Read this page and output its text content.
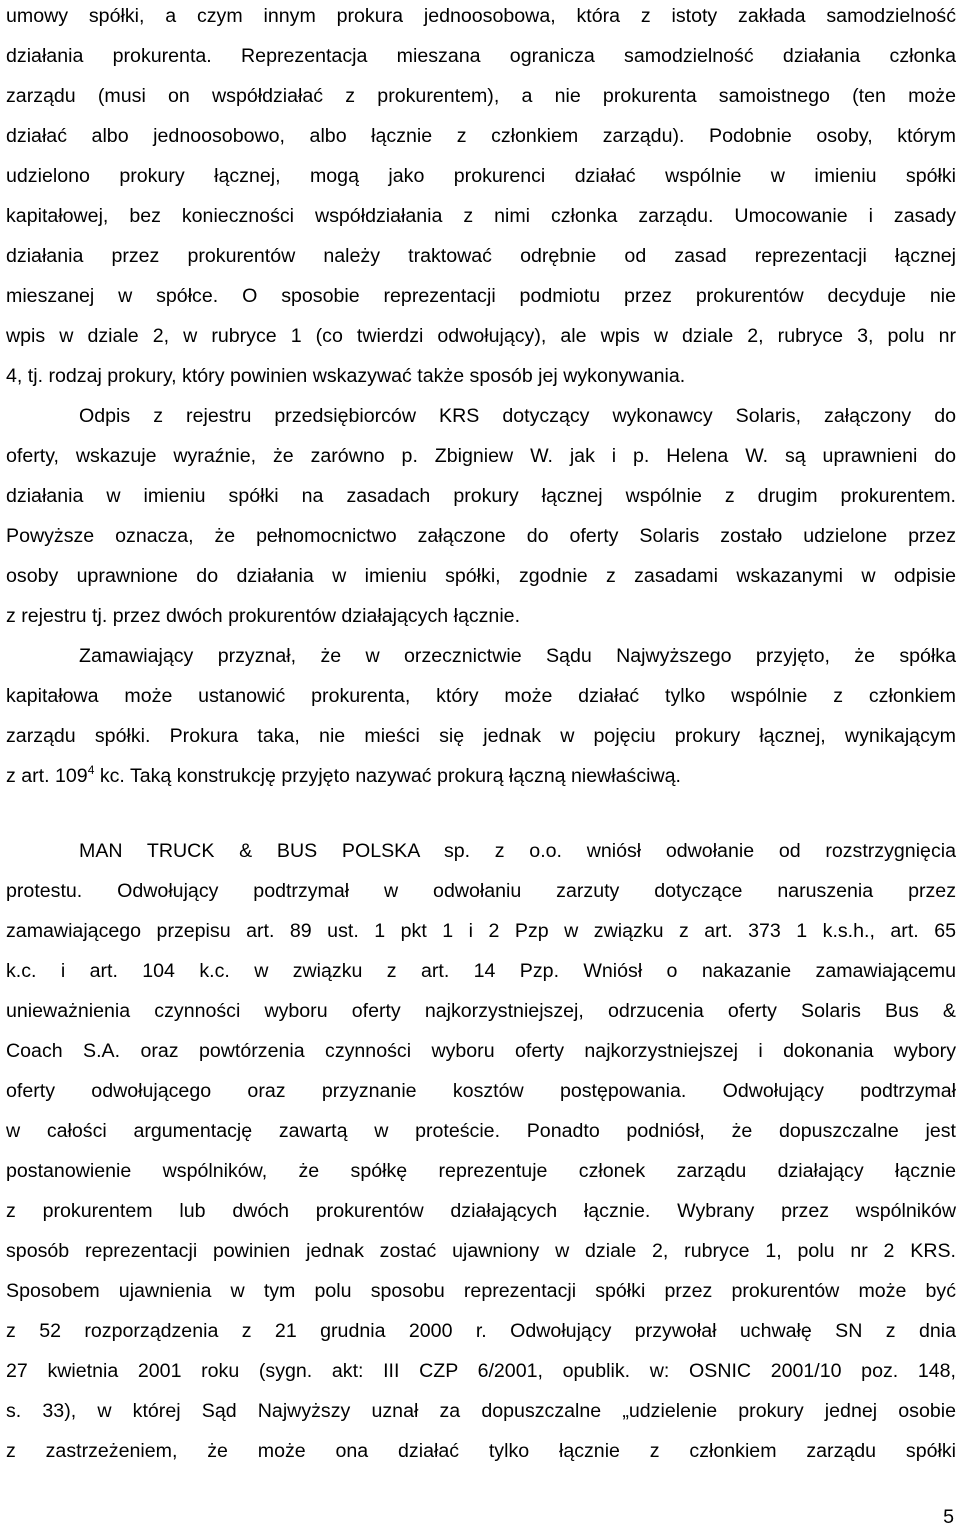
umowy spółki, a czym innym prokura jednoosobowa, która z istoty zakłada samodzielność
działania prokurenta. Reprezentacja mieszana ogranicza samodzielność działania członka
zarządu (musi on współdziałać z prokurentem), a nie prokurenta samoistnego (ten może
działać albo jednoosobowo, albo łącznie z członkiem zarządu). Podobnie osoby, którym
udzielono prokury łącznej, mogą jako prokurenci działać wspólnie w imieniu spółki
kapitałowej, bez konieczności współdziałania z nimi członka zarządu. Umocowanie i zasady
działania przez prokurentów należy traktować odrębnie od zasad reprezentacji łącznej
mieszanej w spółce. O sposobie reprezentacji podmiotu przez prokurentów decyduje nie
wpis w dziale 2, w rubryce 1 (co twierdzi odwołujący), ale wpis w dziale 2, rubryce 3, polu nr
4, tj. rodzaj prokury, który powinien wskazywać także sposób jej wykonywania.
Odpis z rejestru przedsiębiorców KRS dotyczący wykonawcy Solaris, załączony do
oferty, wskazuje wyraźnie, że zarówno p. Zbigniew W. jak i p. Helena W. są uprawnieni do
działania w imieniu spółki na zasadach prokury łącznej wspólnie z drugim prokurentem.
Powyższe oznacza, że pełnomocnictwo załączone do oferty Solaris zostało udzielone przez
osoby uprawnione do działania w imieniu spółki, zgodnie z zasadami wskazanymi w odpisie
z rejestru tj. przez dwóch prokurentów działających łącznie.
Zamawiający przyznał, że w orzecznictwie Sądu Najwyższego przyjęto, że spółka
kapitałowa może ustanowić prokurenta, który może działać tylko wspólnie z członkiem
zarządu spółki. Prokura taka, nie mieści się jednak w pojęciu prokury łącznej, wynikającym
z art. $109^4$ kc. Taką konstrukcję przyjęto nazywać prokurą łączną niewłaściwą.
MAN TRUCK & BUS POLSKA sp. z o.o. wniósł odwołanie od rozstrzygnięcia
protestu. Odwołujący podtrzymał w odwołaniu zarzuty dotyczące naruszenia przez
zamawiającego przepisu art. 89 ust. 1 pkt 1 i 2 Pzp w związku z art. 373 1 k.s.h., art. 65
k.c. i art. 104 k.c. w związku z art. 14 Pzp. Wniósł o nakazanie zamawiającemu
unieważnienia czynności wyboru oferty najkorzystniejszej, odrzucenia oferty Solaris Bus &
Coach S.A. oraz powtórzenia czynności wyboru oferty najkorzystniejszej i dokonania wybory
oferty odwołującego oraz przyznanie kosztów postępowania. Odwołujący podtrzymał
w całości argumentację zawartą w proteście. Ponadto podniósł, że dopuszczalne jest
postanowienie wspólników, że spółkę reprezentuje członek zarządu działający łącznie
z prokurentem lub dwóch prokurentów działających łącznie. Wybrany przez wspólników
sposób reprezentacji powinien jednak zostać ujawniony w dziale 2, rubryce 1, polu nr 2 KRS.
Sposobem ujawnienia w tym polu sposobu reprezentacji spółki przez prokurentów może być
z 52 rozporządzenia z 21 grudnia 2000 r. Odwołujący przywołał uchwałę SN z dnia
27 kwietnia 2001 roku (sygn. akt: III CZP 6/2001, opublik. w: OSNIC 2001/10 poz. 148,
s. 33), w której Sąd Najwyższy uznał za dopuszczalne „udzielenie prokury jednej osobie
z zastrzeżeniem, że może ona działać tylko łącznie z członkiem zarządu spółki
5
